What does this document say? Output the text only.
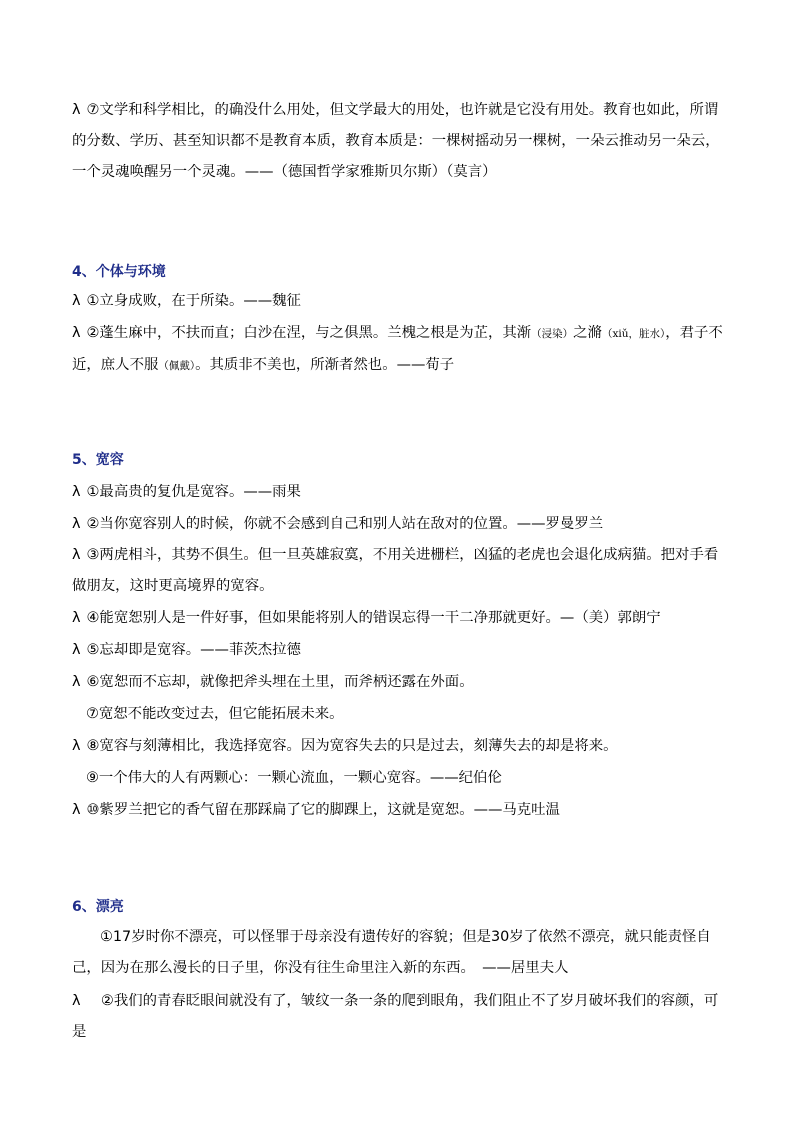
λ ⑦文学和科学相比，的确没什么用处，但文学最大的用处，也许就是它没有用处。教育也如此，所谓的分数、学历、甚至知识都不是教育本质，教育本质是：一棵树摇动另一棵树，一朵云推动另一朵云，一个灵魂唤醒另一个灵魂。——（德国哲学家雅斯贝尔斯）（莫言）
4、个体与环境
λ ①立身成败，在于所染。——魏征
λ ②蓬生麻中，不扶而直；白沙在涅，与之俱黑。兰槐之根是为芷，其渐（浸染）之滫（xiǔ，脏水），君子不近，庶人不服（佩戴）。其质非不美也，所渐者然也。——荀子
5、宽容
λ ①最高贵的复仇是宽容。——雨果
λ ②当你宽容别人的时候，你就不会感到自己和别人站在敌对的位置。——罗曼罗兰
λ ③两虎相斗，其势不俱生。但一旦英雄寂寞，不用关进栅栏，凶猛的老虎也会退化成病猫。把对手看做朋友，这时更高境界的宽容。
λ ④能宽恕别人是一件好事，但如果能将别人的错误忘得一干二净那就更好。—（美）郭朗宁
λ ⑤忘却即是宽容。——菲茨杰拉德
λ ⑥宽恕而不忘却，就像把斧头埋在土里，而斧柄还露在外面。
⑦宽恕不能改变过去，但它能拓展未来。
λ ⑧宽容与刻薄相比，我选择宽容。因为宽容失去的只是过去，刻薄失去的却是将来。
⑨一个伟大的人有两颗心：一颗心流血，一颗心宽容。——纪伯伦
λ ⑩紫罗兰把它的香气留在那踩扁了它的脚踝上，这就是宽恕。——马克吐温
6、漂亮
①17岁时你不漂亮，可以怪罪于母亲没有遗传好的容貌；但是30岁了依然不漂亮，就只能责怪自己，因为在那么漫长的日子里，你没有往生命里注入新的东西。　——居里夫人
λ　②我们的青春眨眼间就没有了，皱纹一条一条的爬到眼角，我们阻止不了岁月破坏我们的容颜，可是
